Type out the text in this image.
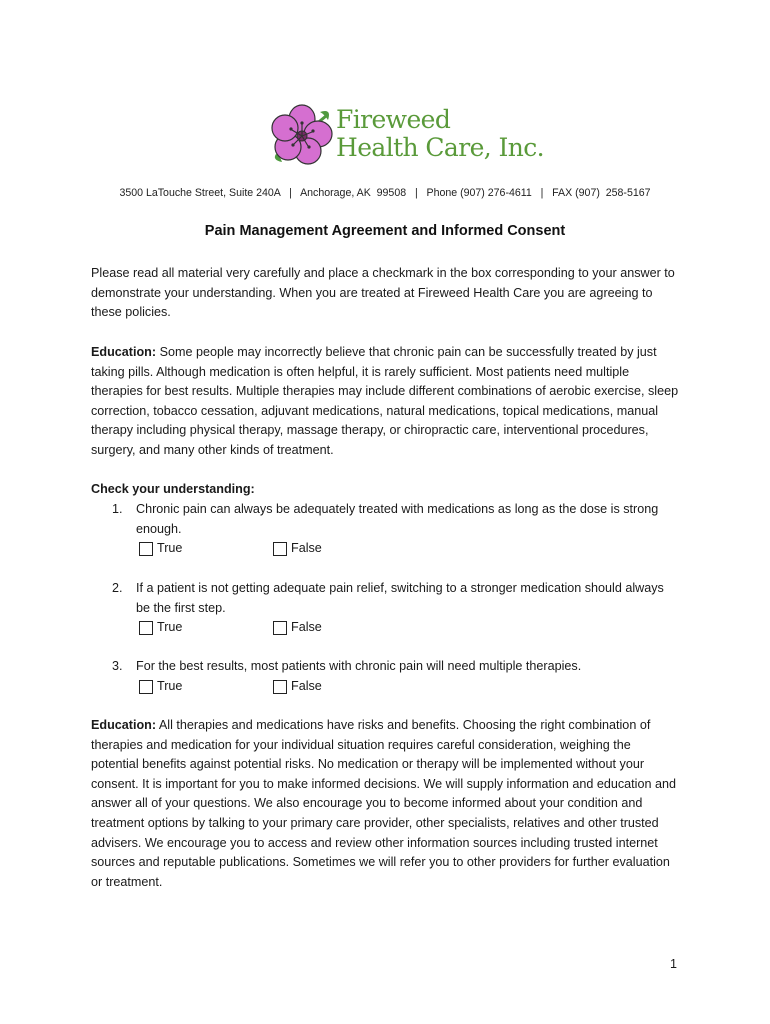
Fireweed
Health Care, Inc.
3500 LaTouche Street, Suite 240A   |   Anchorage, AK  99508   |   Phone (907) 276-4611   |   FAX (907)  258-5167
Pain Management Agreement and Informed Consent
Please read all material very carefully and place a checkmark in the box corresponding to your answer to demonstrate your understanding. When you are treated at Fireweed Health Care you are agreeing to these policies.
Education: Some people may incorrectly believe that chronic pain can be successfully treated by just taking pills. Although medication is often helpful, it is rarely sufficient. Most patients need multiple therapies for best results. Multiple therapies may include different combinations of aerobic exercise, sleep correction, tobacco cessation, adjuvant medications, natural medications, topical medications, manual therapy including physical therapy, massage therapy, or chiropractic care, interventional procedures, surgery, and many other kinds of treatment.
Check your understanding:
1. Chronic pain can always be adequately treated with medications as long as the dose is strong enough.
True	False
2. If a patient is not getting adequate pain relief, switching to a stronger medication should always be the first step.
True	False
3. For the best results, most patients with chronic pain will need multiple therapies.
True	False
Education: All therapies and medications have risks and benefits. Choosing the right combination of therapies and medication for your individual situation requires careful consideration, weighing the potential benefits against potential risks. No medication or therapy will be implemented without your consent. It is important for you to make informed decisions. We will supply information and education and answer all of your questions. We also encourage you to become informed about your condition and treatment options by talking to your primary care provider, other specialists, relatives and other trusted advisers. We encourage you to access and review other information sources including trusted internet sources and reputable publications. Sometimes we will refer you to other providers for further evaluation or treatment.
1
